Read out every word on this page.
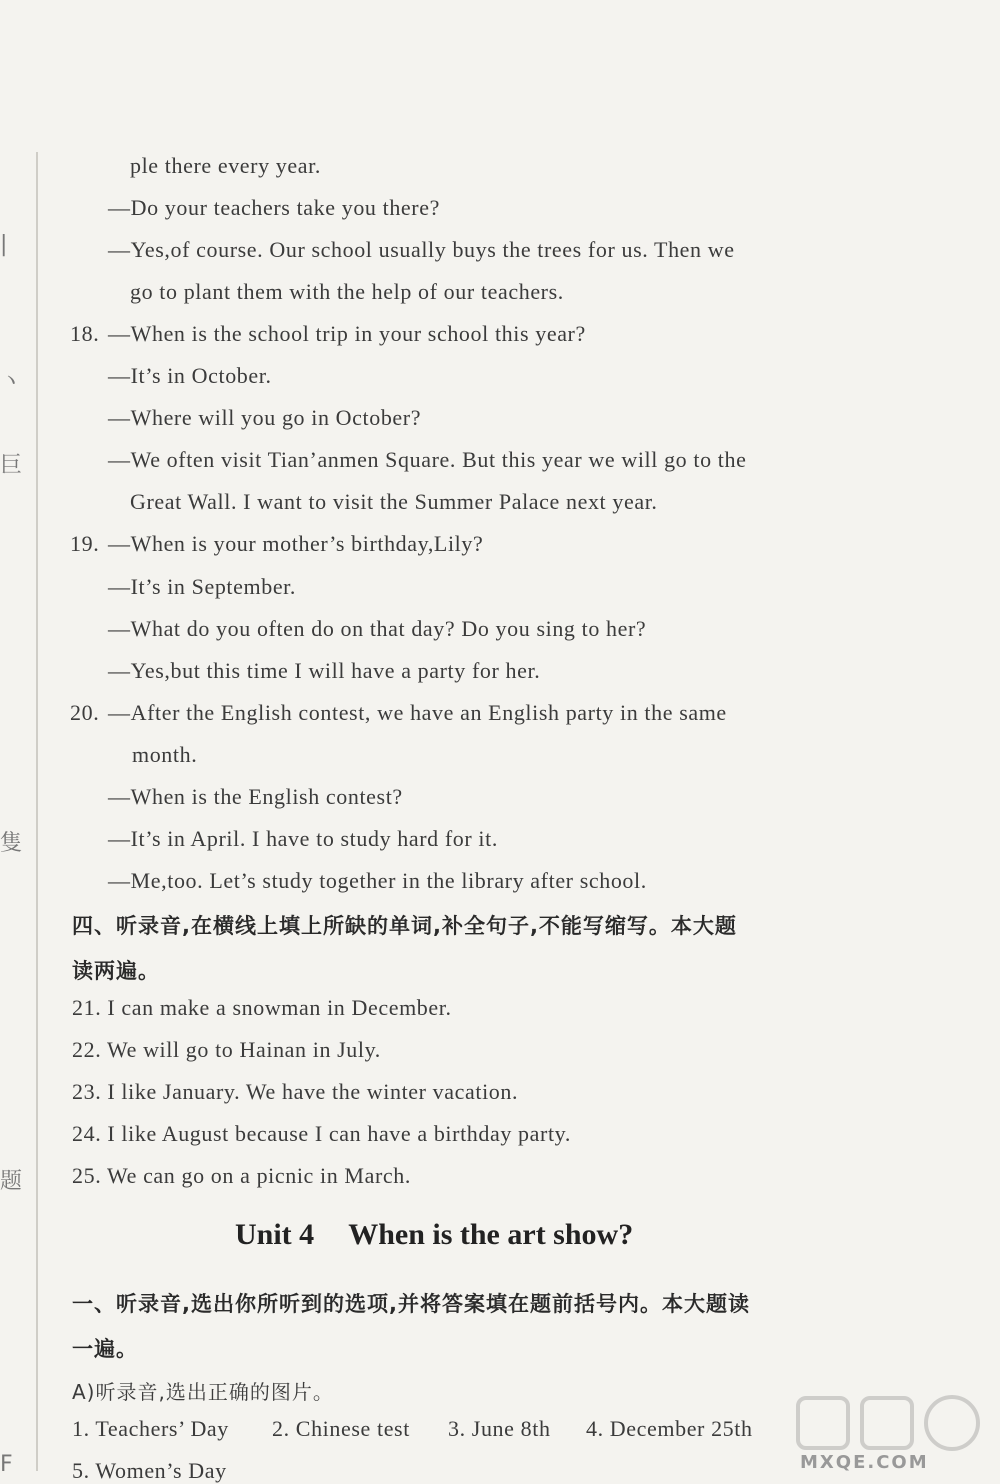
|
ヽ
巨
隻
题
F
ple there every year.
—Do your teachers take you there?
—Yes,of course. Our school usually buys the trees for us. Then we
go to plant them with the help of our teachers.
18. —When is the school trip in your school this year?
—It’s in October.
—Where will you go in October?
—We often visit Tian’anmen Square. But this year we will go to the
Great Wall. I want to visit the Summer Palace next year.
19. —When is your mother’s birthday,Lily?
—It’s in September.
—What do you often do on that day? Do you sing to her?
—Yes,but this time I will have a party for her.
20. —After the English contest, we have an English party in the same
month.
—When is the English contest?
—It’s in April. I have to study hard for it.
—Me,too. Let’s study together in the library after school.
四、听录音,在横线上填上所缺的单词,补全句子,不能写缩写。本大题
读两遍。
21. I can make a snowman in December.
22. We will go to Hainan in July.
23. I like January. We have the winter vacation.
24. I like August because I can have a birthday party.
25. We can go on a picnic in March.
Unit 4 When is the art show?
一、听录音,选出你所听到的选项,并将答案填在题前括号内。本大题读
一遍。
A)听录音,选出正确的图片。
1. Teachers’ Day 2. Chinese test 3. June 8th 4. December 25th
5. Women’s Day	MXQE.COM
